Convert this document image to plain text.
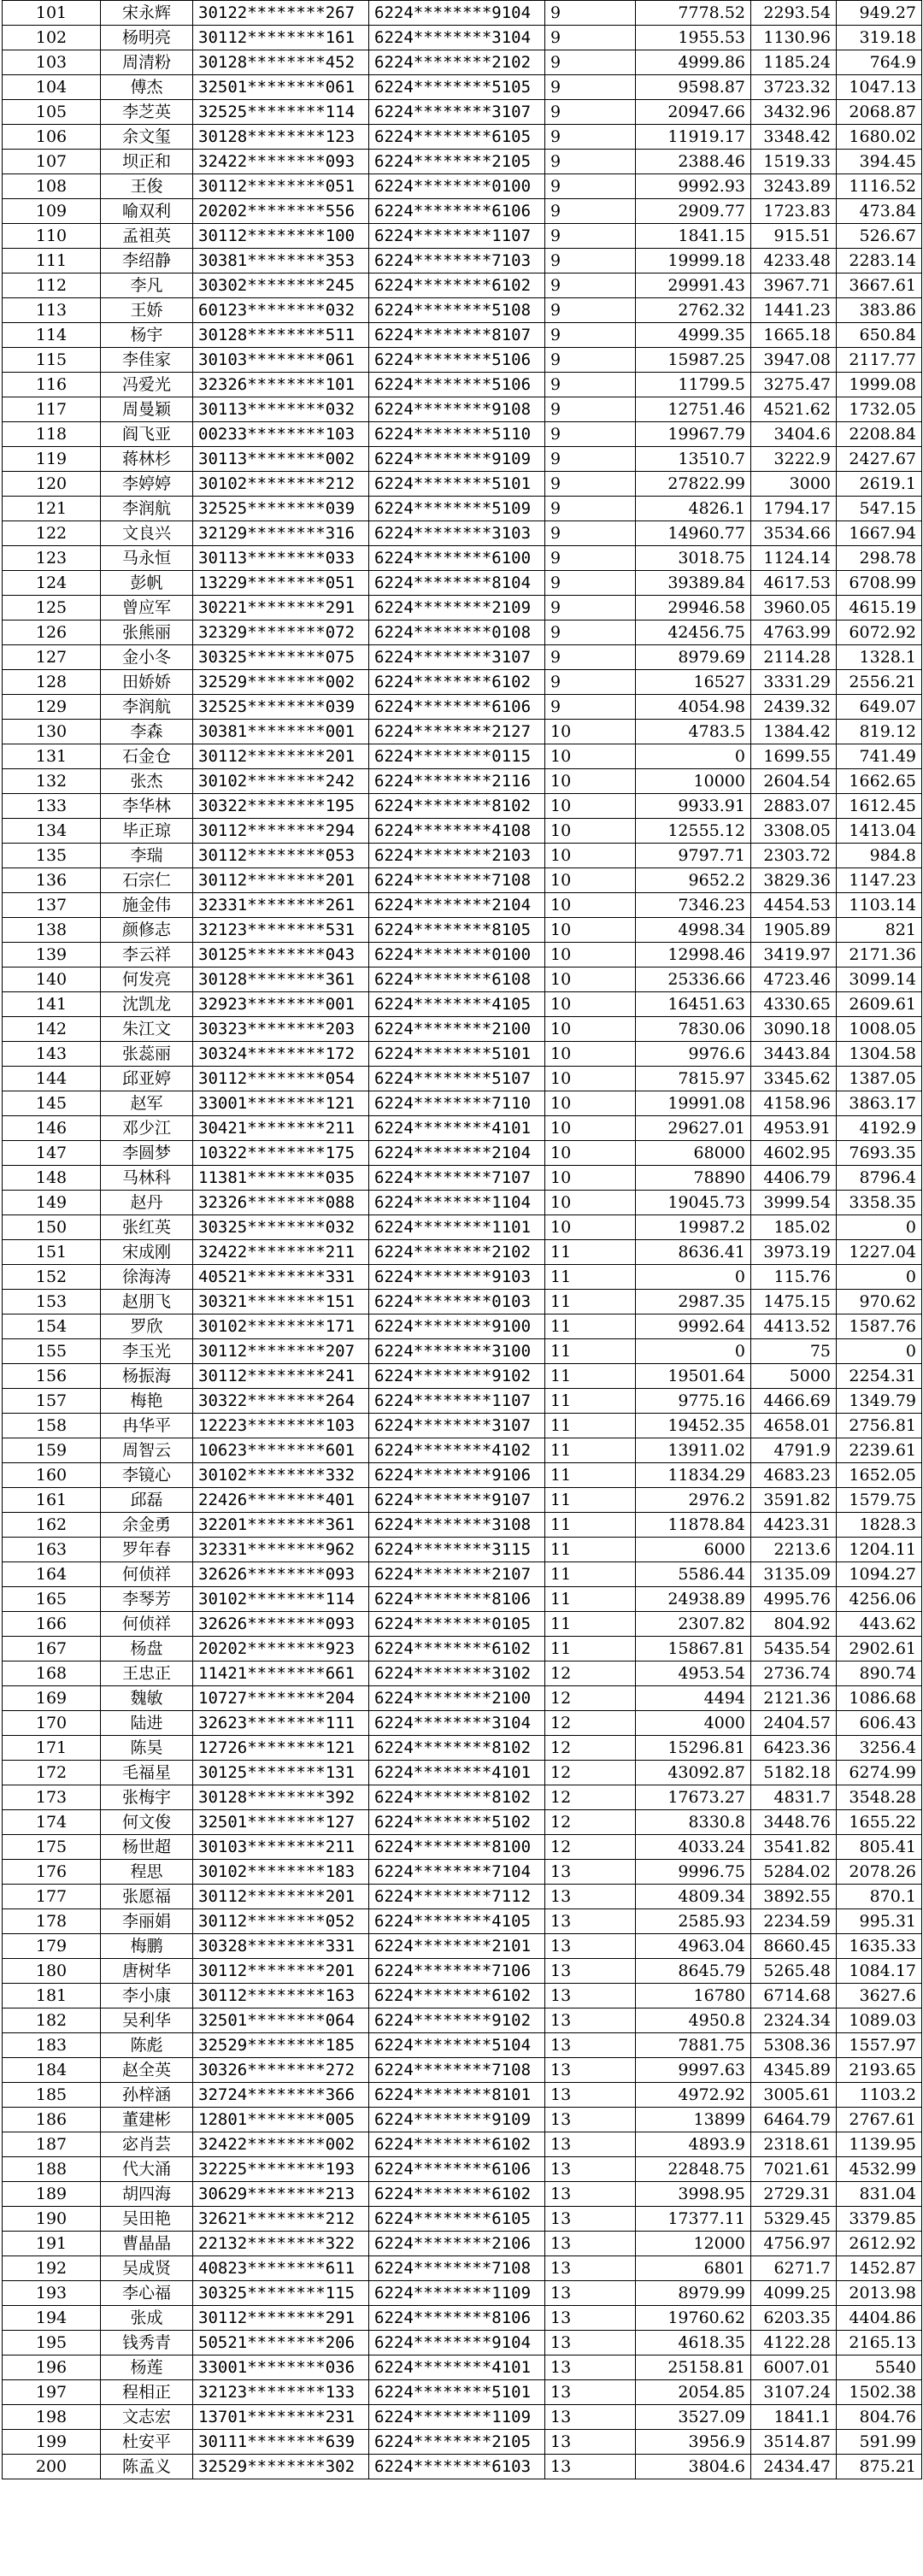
101	宋永辉	30122********267	6224********9104	9	7778.52	2293.54	949.27
102	杨明亮	30112********161	6224********3104	9	1955.53	1130.96	319.18
103	周清粉	30128********452	6224********2102	9	4999.86	1185.24	764.9
104	傅杰	32501********061	6224********5105	9	9598.87	3723.32	1047.13
105	李芝英	32525********114	6224********3107	9	20947.66	3432.96	2068.87
106	余文玺	30128********123	6224********6105	9	11919.17	3348.42	1680.02
107	坝正和	32422********093	6224********2105	9	2388.46	1519.33	394.45
108	王俊	30112********051	6224********0100	9	9992.93	3243.89	1116.52
109	喻双利	20202********556	6224********6106	9	2909.77	1723.83	473.84
110	孟祖英	30112********100	6224********1107	9	1841.15	915.51	526.67
111	李绍静	30381********353	6224********7103	9	19999.18	4233.48	2283.14
112	李凡	30302********245	6224********6102	9	29991.43	3967.71	3667.61
113	王娇	60123********032	6224********5108	9	2762.32	1441.23	383.86
114	杨宇	30128********511	6224********8107	9	4999.35	1665.18	650.84
115	李佳家	30103********061	6224********5106	9	15987.25	3947.08	2117.77
116	冯爱光	32326********101	6224********5106	9	11799.5	3275.47	1999.08
117	周曼颖	30113********032	6224********9108	9	12751.46	4521.62	1732.05
118	阎飞亚	00233********103	6224********5110	9	19967.79	3404.6	2208.84
119	蒋林杉	30113********002	6224********9109	9	13510.7	3222.9	2427.67
120	李婷婷	30102********212	6224********5101	9	27822.99	3000	2619.1
121	李润航	32525********039	6224********5109	9	4826.1	1794.17	547.15
122	文良兴	32129********316	6224********3103	9	14960.77	3534.66	1667.94
123	马永恒	30113********033	6224********6100	9	3018.75	1124.14	298.78
124	彭帆	13229********051	6224********8104	9	39389.84	4617.53	6708.99
125	曾应军	30221********291	6224********2109	9	29946.58	3960.05	4615.19
126	张熊丽	32329********072	6224********0108	9	42456.75	4763.99	6072.92
127	金小冬	30325********075	6224********3107	9	8979.69	2114.28	1328.1
128	田娇娇	32529********002	6224********6102	9	16527	3331.29	2556.21
129	李润航	32525********039	6224********6106	9	4054.98	2439.32	649.07
130	李森	30381********001	6224********2127	10	4783.5	1384.42	819.12
131	石金仓	30112********201	6224********0115	10	0	1699.55	741.49
132	张杰	30102********242	6224********2116	10	10000	2604.54	1662.65
133	李华林	30322********195	6224********8102	10	9933.91	2883.07	1612.45
134	毕正琼	30112********294	6224********4108	10	12555.12	3308.05	1413.04
135	李瑞	30112********053	6224********2103	10	9797.71	2303.72	984.8
136	石宗仁	30112********201	6224********7108	10	9652.2	3829.36	1147.23
137	施金伟	32331********261	6224********2104	10	7346.23	4454.53	1103.14
138	颜修志	32123********531	6224********8105	10	4998.34	1905.89	821
139	李云祥	30125********043	6224********0100	10	12998.46	3419.97	2171.36
140	何发亮	30128********361	6224********6108	10	25336.66	4723.46	3099.14
141	沈凯龙	32923********001	6224********4105	10	16451.63	4330.65	2609.61
142	朱江文	30323********203	6224********2100	10	7830.06	3090.18	1008.05
143	张蕊丽	30324********172	6224********5101	10	9976.6	3443.84	1304.58
144	邱亚婷	30112********054	6224********5107	10	7815.97	3345.62	1387.05
145	赵军	33001********121	6224********7110	10	19991.08	4158.96	3863.17
146	邓少江	30421********211	6224********4101	10	29627.01	4953.91	4192.9
147	李圆梦	10322********175	6224********2104	10	68000	4602.95	7693.35
148	马林科	11381********035	6224********7107	10	78890	4406.79	8796.4
149	赵丹	32326********088	6224********1104	10	19045.73	3999.54	3358.35
150	张红英	30325********032	6224********1101	10	19987.2	185.02	0
151	宋成刚	32422********211	6224********2102	11	8636.41	3973.19	1227.04
152	徐海涛	40521********331	6224********9103	11	0	115.76	0
153	赵朋飞	30321********151	6224********0103	11	2987.35	1475.15	970.62
154	罗欣	30102********171	6224********9100	11	9992.64	4413.52	1587.76
155	李玉光	30112********207	6224********3100	11	0	75	0
156	杨振海	30112********241	6224********9102	11	19501.64	5000	2254.31
157	梅艳	30322********264	6224********1107	11	9775.16	4466.69	1349.79
158	冉华平	12223********103	6224********3107	11	19452.35	4658.01	2756.81
159	周智云	10623********601	6224********4102	11	13911.02	4791.9	2239.61
160	李镜心	30102********332	6224********9106	11	11834.29	4683.23	1652.05
161	邱磊	22426********401	6224********9107	11	2976.2	3591.82	1579.75
162	余金勇	32201********361	6224********3108	11	11878.84	4423.31	1828.3
163	罗年春	32331********962	6224********3115	11	6000	2213.6	1204.11
164	何侦祥	32626********093	6224********2107	11	5586.44	3135.09	1094.27
165	李琴芳	30102********114	6224********8106	11	24938.89	4995.76	4256.06
166	何侦祥	32626********093	6224********0105	11	2307.82	804.92	443.62
167	杨盘	20202********923	6224********6102	11	15867.81	5435.54	2902.61
168	王忠正	11421********661	6224********3102	12	4953.54	2736.74	890.74
169	魏敏	10727********204	6224********2100	12	4494	2121.36	1086.68
170	陆进	32623********111	6224********3104	12	4000	2404.57	606.43
171	陈昊	12726********121	6224********8102	12	15296.81	6423.36	3256.4
172	毛福星	30125********131	6224********4101	12	43092.87	5182.18	6274.99
173	张梅宇	30128********392	6224********8102	12	17673.27	4831.7	3548.28
174	何文俊	32501********127	6224********5102	12	8330.8	3448.76	1655.22
175	杨世超	30103********211	6224********8100	12	4033.24	3541.82	805.41
176	程思	30102********183	6224********7104	13	9996.75	5284.02	2078.26
177	张愿福	30112********201	6224********7112	13	4809.34	3892.55	870.1
178	李丽娟	30112********052	6224********4105	13	2585.93	2234.59	995.31
179	梅鹏	30328********331	6224********2101	13	4963.04	8660.45	1635.33
180	唐树华	30112********201	6224********7106	13	8645.79	5265.48	1084.17
181	李小康	30112********163	6224********6102	13	16780	6714.68	3627.6
182	吴利华	32501********064	6224********9102	13	4950.8	2324.34	1089.03
183	陈彪	32529********185	6224********5104	13	7881.75	5308.36	1557.97
184	赵全英	30326********272	6224********7108	13	9997.63	4345.89	2193.65
185	孙梓涵	32724********366	6224********8101	13	4972.92	3005.61	1103.2
186	董建彬	12801********005	6224********9109	13	13899	6464.79	2767.61
187	宓肖芸	32422********002	6224********6102	13	4893.9	2318.61	1139.95
188	代大涌	32225********193	6224********6106	13	22848.75	7021.61	4532.99
189	胡四海	30629********213	6224********6102	13	3998.95	2729.31	831.04
190	吴田艳	32621********212	6224********6105	13	17377.11	5329.45	3379.85
191	曹晶晶	22132********322	6224********2106	13	12000	4756.97	2612.92
192	吴成贤	40823********611	6224********7108	13	6801	6271.7	1452.87
193	李心福	30325********115	6224********1109	13	8979.99	4099.25	2013.98
194	张成	30112********291	6224********8106	13	19760.62	6203.35	4404.86
195	钱秀青	50521********206	6224********9104	13	4618.35	4122.28	2165.13
196	杨莲	33001********036	6224********4101	13	25158.81	6007.01	5540
197	程相正	32123********133	6224********5101	13	2054.85	3107.24	1502.38
198	文志宏	13701********231	6224********1109	13	3527.09	1841.1	804.76
199	杜安平	30111********639	6224********2105	13	3956.9	3514.87	591.99
200	陈孟义	32529********302	6224********6103	13	3804.6	2434.47	875.21
